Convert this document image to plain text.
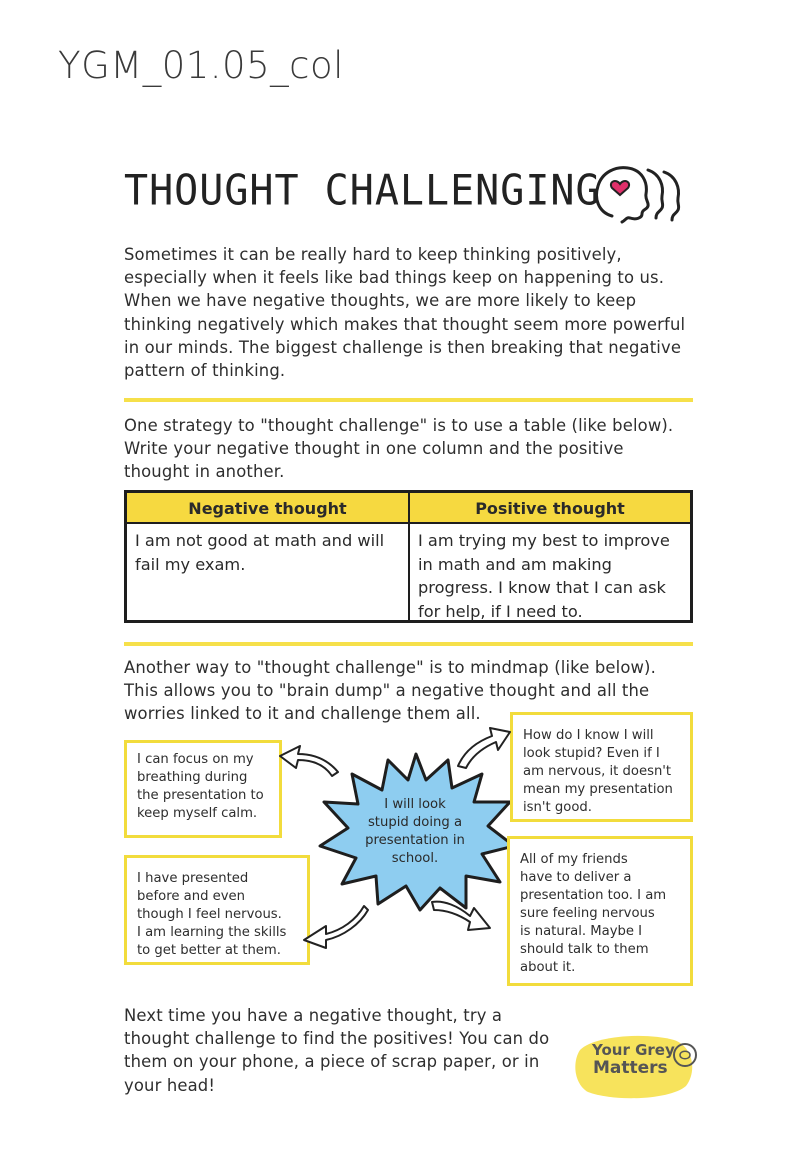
YGM_01.05_col
THOUGHT CHALLENGING
Sometimes it can be really hard to keep thinking positively,
especially when it feels like bad things keep on happening to us.
When we have negative thoughts, we are more likely to keep
thinking negatively which makes that thought seem more powerful
in our minds. The biggest challenge is then breaking that negative
pattern of thinking.
One strategy to "thought challenge" is to use a table (like below).
Write your negative thought in one column and the positive
thought in another.
Negative thought	Positive thought
I am not good at math and will
fail my exam.
I am trying my best to improve
in math and am making
progress. I know that I can ask
for help, if I need to.
Another way to "thought challenge" is to mindmap (like below).
This allows you to "brain dump" a negative thought and all the
worries linked to it and challenge them all.
I will look
stupid doing a
presentation in
school.
I can focus on my
breathing during
the presentation to
keep myself calm.
I have presented
before and even
though I feel nervous.
I am learning the skills
to get better at them.
How do I know I will
look stupid? Even if I
am nervous, it doesn't
mean my presentation
isn't good.
All of my friends
have to deliver a
presentation too. I am
sure feeling nervous
is natural. Maybe I
should talk to them
about it.
Next time you have a negative thought, try a
thought challenge to find the positives! You can do
them on your phone, a piece of scrap paper, or in
your head!
Your Grey
Matters
